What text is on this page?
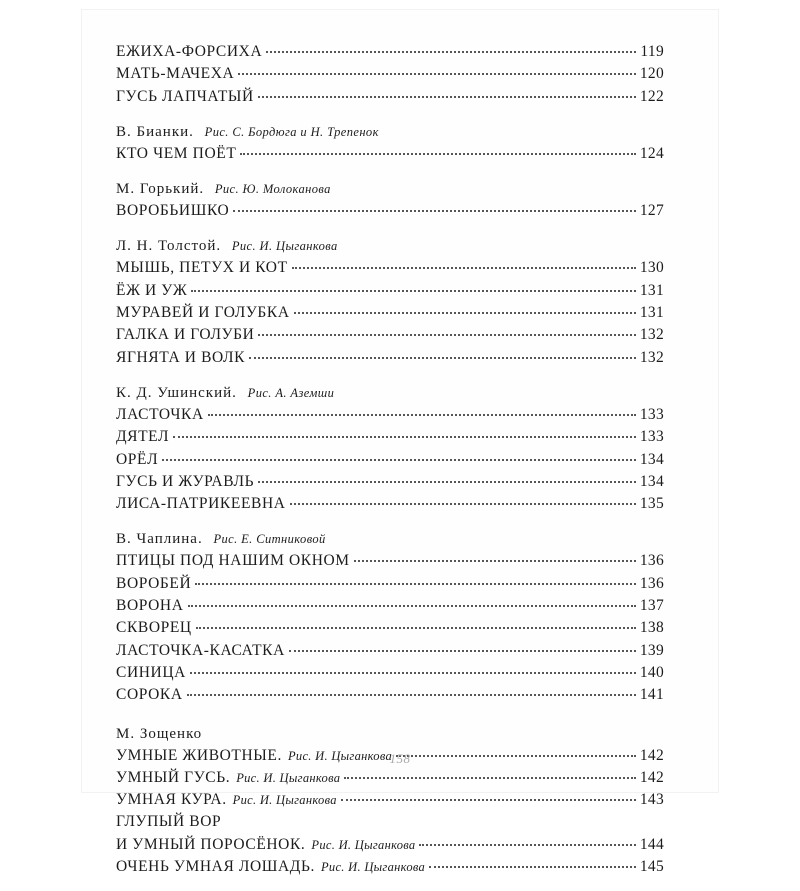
ЕЖИХА-ФОРСИХА	119
МАТЬ-МАЧЕХА	120
ГУСЬ ЛАПЧАТЫЙ	122
В. Бианки. Рис. С. Бордюга и Н. Трепенок
КТО ЧЕМ ПОЁТ	124
М. Горький. Рис. Ю. Молоканова
ВОРОБЬИШКО	127
Л. Н. Толстой. Рис. И. Цыганкова
МЫШЬ, ПЕТУХ И КОТ	130
ЁЖ И УЖ	131
МУРАВЕЙ И ГОЛУБКА	131
ГАЛКА И ГОЛУБИ	132
ЯГНЯТА И ВОЛК	132
К. Д. Ушинский. Рис. А. Аземши
ЛАСТОЧКА	133
ДЯТЕЛ	133
ОРЁЛ	134
ГУСЬ И ЖУРАВЛЬ	134
ЛИСА-ПАТРИКЕЕВНА	135
В. Чаплина. Рис. Е. Ситниковой
ПТИЦЫ ПОД НАШИМ ОКНОМ	136
ВОРОБЕЙ	136
ВОРОНА	137
СКВОРЕЦ	138
ЛАСТОЧКА-КАСАТКА	139
СИНИЦА	140
СОРОКА	141
М. Зощенко
УМНЫЕ ЖИВОТНЫЕ. Рис. И. Цыганкова	142
УМНЫЙ ГУСЬ. Рис. И. Цыганкова	142
УМНАЯ КУРА. Рис. И. Цыганкова	143
ГЛУПЫЙ ВОР
И УМНЫЙ ПОРОСЁНОК. Рис. И. Цыганкова	144
ОЧЕНЬ УМНАЯ ЛОШАДЬ. Рис. И. Цыганкова	145
158
